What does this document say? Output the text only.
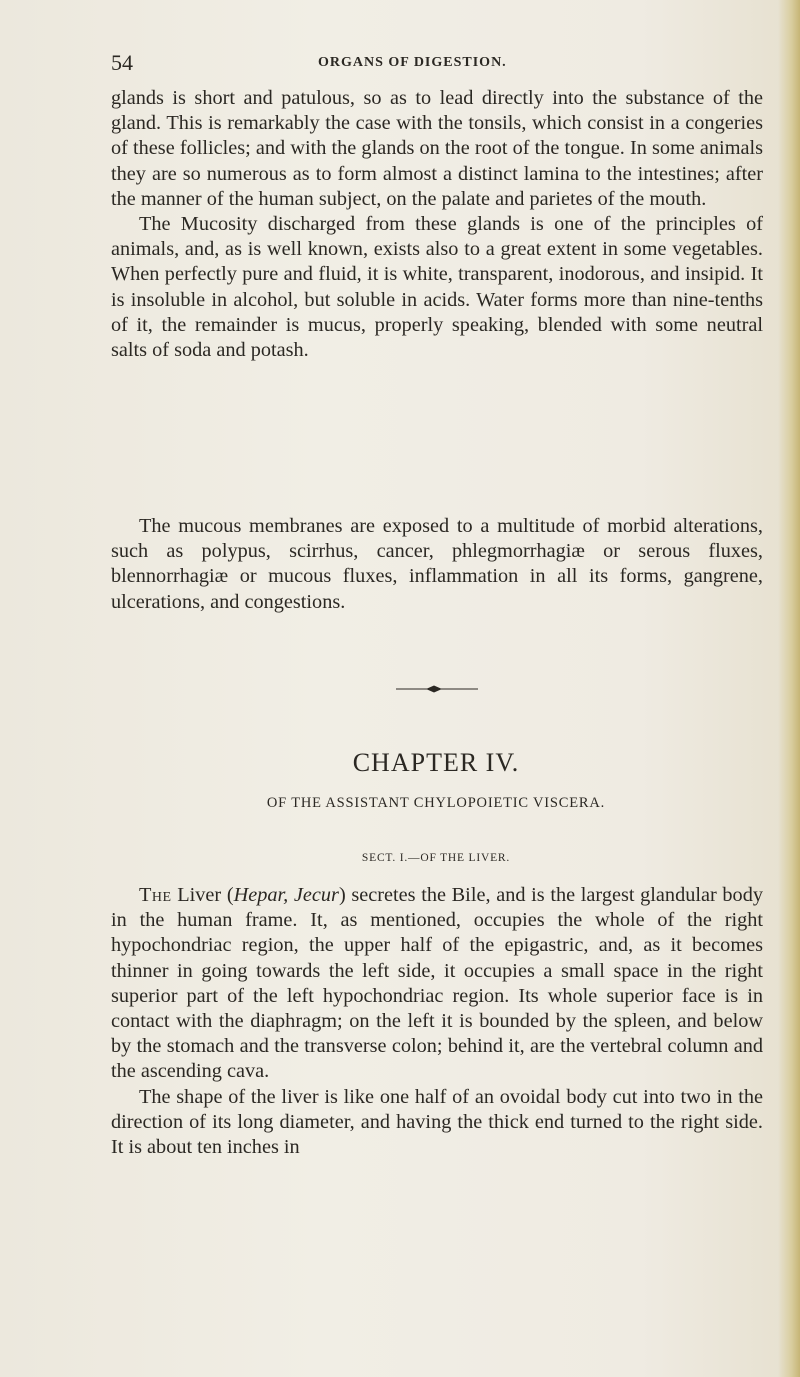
54	ORGANS OF DIGESTION.

glands is short and patulous, so as to lead directly into the substance of the gland. This is remarkably the case with the tonsils, which consist in a congeries of these follicles; and with the glands on the root of the tongue. In some animals they are so numerous as to form almost a distinct lamina to the intestines; after the manner of the human subject, on the palate and parietes of the mouth.

The Mucosity discharged from these glands is one of the principles of animals, and, as is well known, exists also to a great extent in some vegetables. When perfectly pure and fluid, it is white, transparent, inodorous, and insipid. It is insoluble in alcohol, but soluble in acids. Water forms more than nine-tenths of it, the remainder is mucus, properly speaking, blended with some neutral salts of soda and potash.

The mucous membranes are exposed to a multitude of morbid alterations, such as polypus, scirrhus, cancer, phlegmorrhagiæ or serous fluxes, blennorrhagiæ or mucous fluxes, inflammation in all its forms, gangrene, ulcerations, and congestions.

CHAPTER IV.
OF THE ASSISTANT CHYLOPOIETIC VISCERA.
SECT. I.—OF THE LIVER.

The Liver (Hepar, Jecur) secretes the Bile, and is the largest glandular body in the human frame. It, as mentioned, occupies the whole of the right hypochondriac region, the upper half of the epigastric, and, as it becomes thinner in going towards the left side, it occupies a small space in the right superior part of the left hypochondriac region. Its whole superior face is in contact with the diaphragm; on the left it is bounded by the spleen, and below by the stomach and the transverse colon; behind it, are the vertebral column and the ascending cava.

The shape of the liver is like one half of an ovoidal body cut into two in the direction of its long diameter, and having the thick end turned to the right side. It is about ten inches in
